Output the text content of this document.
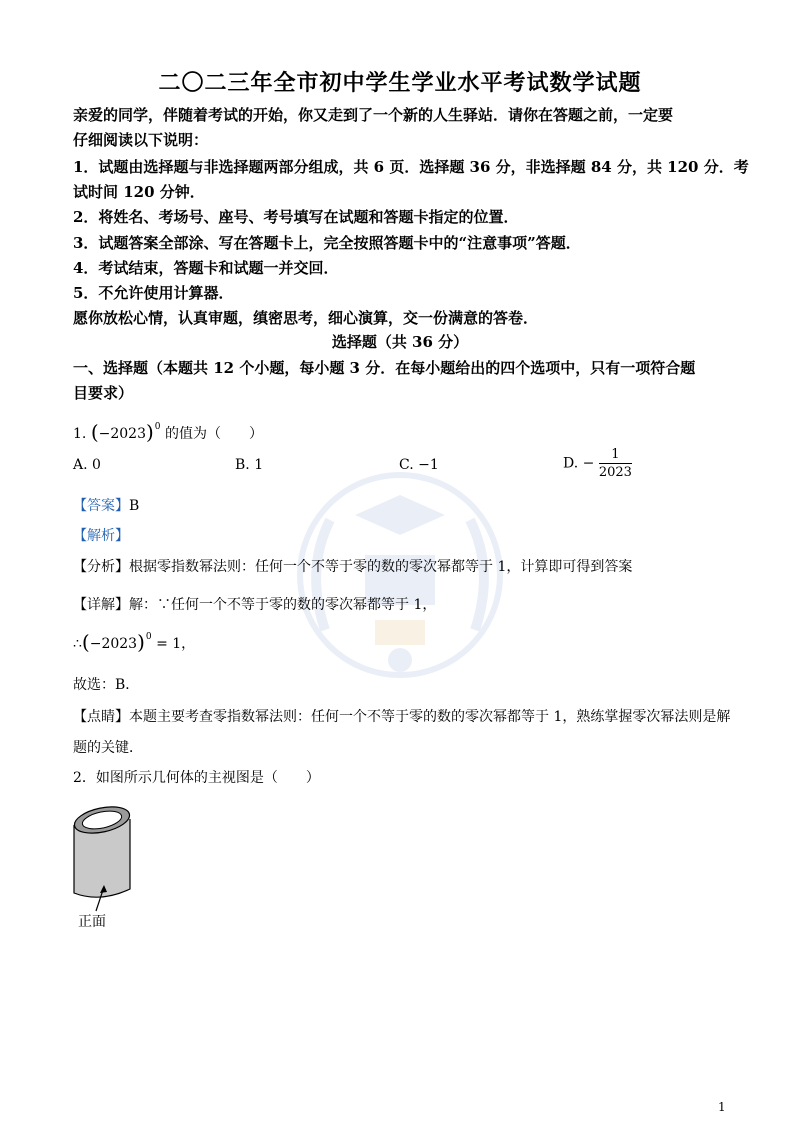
二〇二三年全市初中学生学业水平考试数学试题
亲爱的同学，伴随着考试的开始，你又走到了一个新的人生驿站．请你在答题之前，一定要
仔细阅读以下说明：
1．试题由选择题与非选择题两部分组成，共 6 页．选择题 36 分，非选择题 84 分，共 120 分．考
试时间 120 分钟．
2．将姓名、考场号、座号、考号填写在试题和答题卡指定的位置．
3．试题答案全部涂、写在答题卡上，完全按照答题卡中的“注意事项”答题．
4．考试结束，答题卡和试题一并交回．
5．不允许使用计算器．
愿你放松心情，认真审题，缜密思考，细心演算，交一份满意的答卷．
选择题（共 36 分）
一、选择题（本题共 12 个小题，每小题 3 分．在每小题给出的四个选项中，只有一项符合题
目要求）
1. $(-2023)^0$ 的值为（　　）
A. 0	B. 1	C. −1	D. − $\frac{1}{2023}$
【答案】B
【解析】
【分析】根据零指数幂法则：任何一个不等于零的数的零次幂都等于 1，计算即可得到答案
【详解】解：∵任何一个不等于零的数的零次幂都等于 1，
$\therefore(-2023)^0 = 1$，
故选：B．
【点睛】本题主要考查零指数幂法则：任何一个不等于零的数的零次幂都等于 1，熟练掌握零次幂法则是解
题的关键．
2．如图所示几何体的主视图是（　　）
正面
1
